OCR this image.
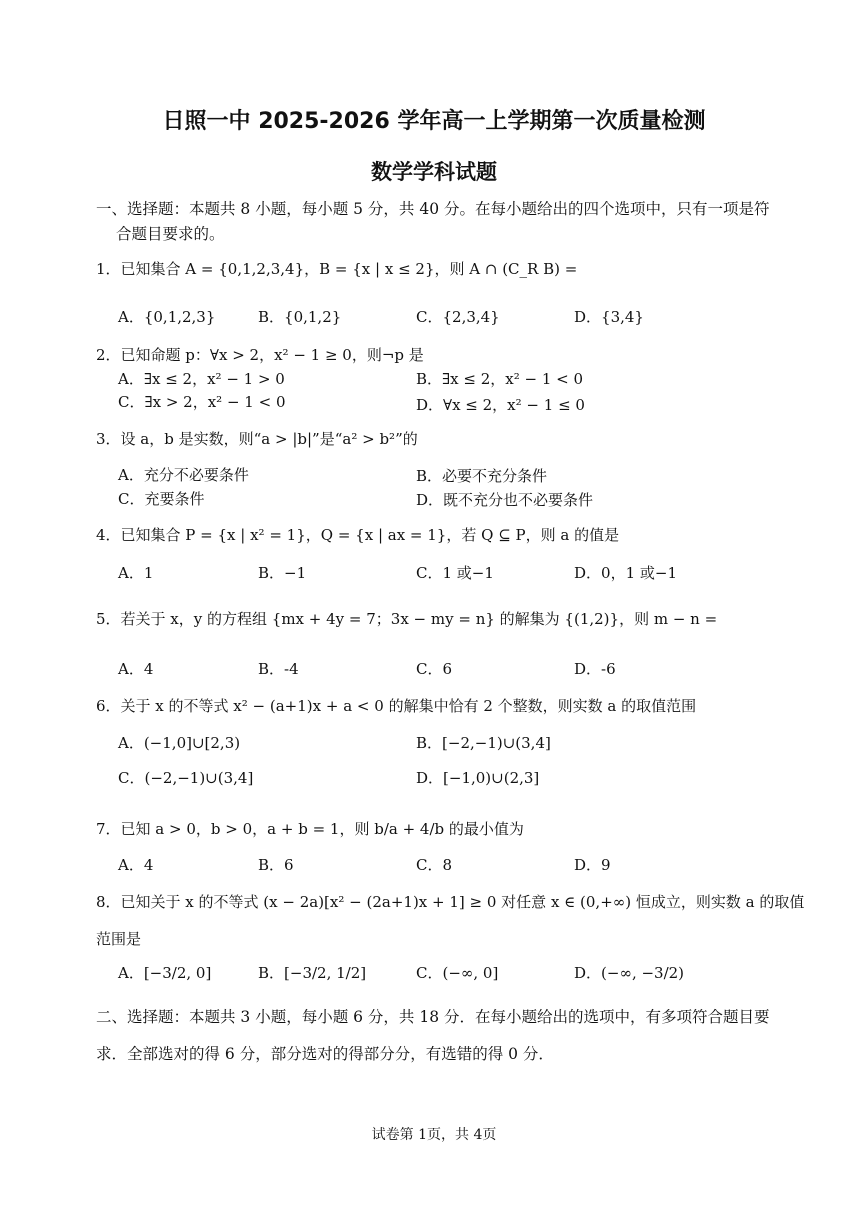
日照一中 2025-2026 学年高一上学期第一次质量检测
数学学科试题
一、选择题：本题共 8 小题，每小题 5 分，共 40 分。在每小题给出的四个选项中，只有一项是符
合题目要求的。
1．已知集合 A = {0,1,2,3,4}，B = {x | x ≤ 2}，则 A ∩ (C_R B) =
A．{0,1,2,3}	B．{0,1,2}	C．{2,3,4}	D．{3,4}
2．已知命题 p：∀x > 2，x² − 1 ≥ 0，则¬p 是
A．∃x ≤ 2，x² − 1 > 0	B．∃x ≤ 2，x² − 1 < 0
C．∃x > 2，x² − 1 < 0	D．∀x ≤ 2，x² − 1 ≤ 0
3．设 a，b 是实数，则“a > |b|”是“a² > b²”的
A．充分不必要条件	B．必要不充分条件
C．充要条件	D．既不充分也不必要条件
4．已知集合 P = {x | x² = 1}，Q = {x | ax = 1}，若 Q ⊆ P，则 a 的值是
A．1	B．−1	C．1 或−1	D．0，1 或−1
5．若关于 x，y 的方程组 {mx + 4y = 7；3x − my = n} 的解集为 {(1,2)}，则 m − n =
A．4	B．-4	C．6	D．-6
6．关于 x 的不等式 x² − (a+1)x + a < 0 的解集中恰有 2 个整数，则实数 a 的取值范围
A．(−1,0]∪[2,3)	B．[−2,−1)∪(3,4]
C．(−2,−1)∪(3,4]	D．[−1,0)∪(2,3]
7．已知 a > 0，b > 0，a + b = 1，则 b/a + 4/b 的最小值为
A．4	B．6	C．8	D．9
8．已知关于 x 的不等式 (x − 2a)[x² − (2a+1)x + 1] ≥ 0 对任意 x ∈ (0,+∞) 恒成立，则实数 a 的取值
范围是
A．[−3/2, 0]	B．[−3/2, 1/2]	C．(−∞, 0]	D．(−∞, −3/2)
二、选择题：本题共 3 小题，每小题 6 分，共 18 分．在每小题给出的选项中，有多项符合题目要
求．全部选对的得 6 分，部分选对的得部分分，有选错的得 0 分．
试卷第 1页，共 4页
